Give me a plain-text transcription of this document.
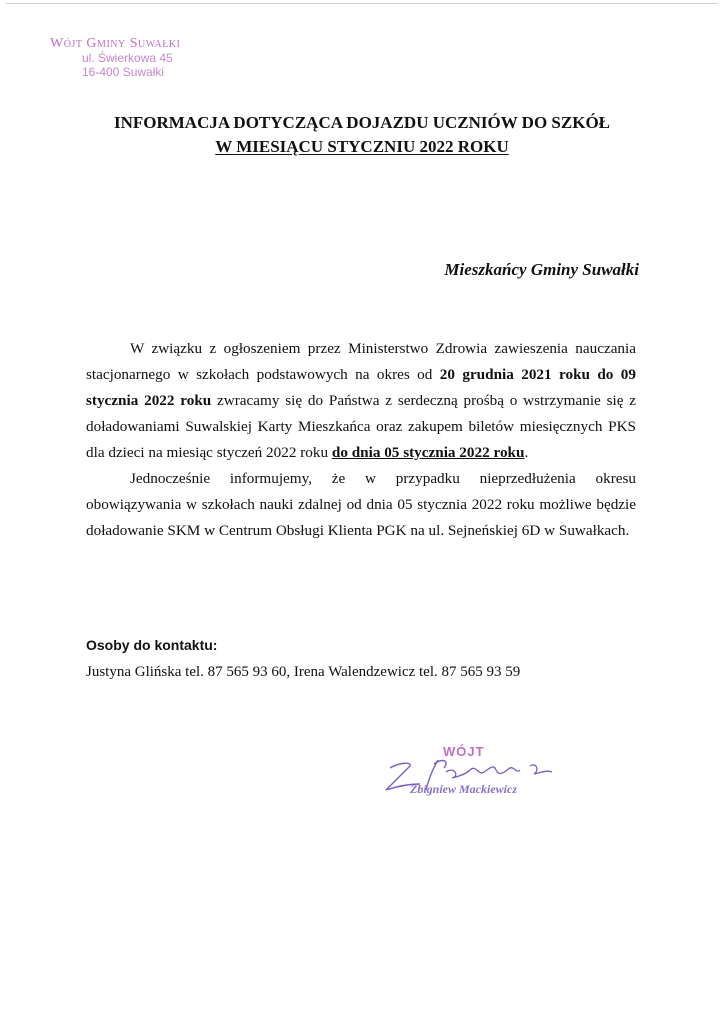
Wójt Gminy Suwałki
ul. Świerkowa 45
16-400 Suwałki
INFORMACJA DOTYCZĄCA DOJAZDU UCZNIÓW DO SZKÓŁ
W MIESIĄCU STYCZNIU 2022 ROKU
Mieszkańcy Gminy Suwałki

W związku z ogłoszeniem przez Ministerstwo Zdrowia zawieszenia nauczania stacjonarnego w szkołach podstawowych na okres od 20 grudnia 2021 roku do 09 stycznia 2022 roku zwracamy się do Państwa z serdeczną prośbą o wstrzymanie się z doładowaniami Suwalskiej Karty Mieszkańca oraz zakupem biletów miesięcznych PKS dla dzieci na miesiąc styczeń 2022 roku do dnia 05 stycznia 2022 roku.

Jednocześnie informujemy, że w przypadku nieprzedłużenia okresu obowiązywania w szkołach nauki zdalnej od dnia 05 stycznia 2022 roku możliwe będzie doładowanie SKM w Centrum Obsługi Klienta PGK na ul. Sejneńskiej 6D w Suwałkach.

Osoby do kontaktu:
Justyna Glińska tel. 87 565 93 60, Irena Walendzewicz tel. 87 565 93 59
WÓJT
Zbigniew Mackiewicz
